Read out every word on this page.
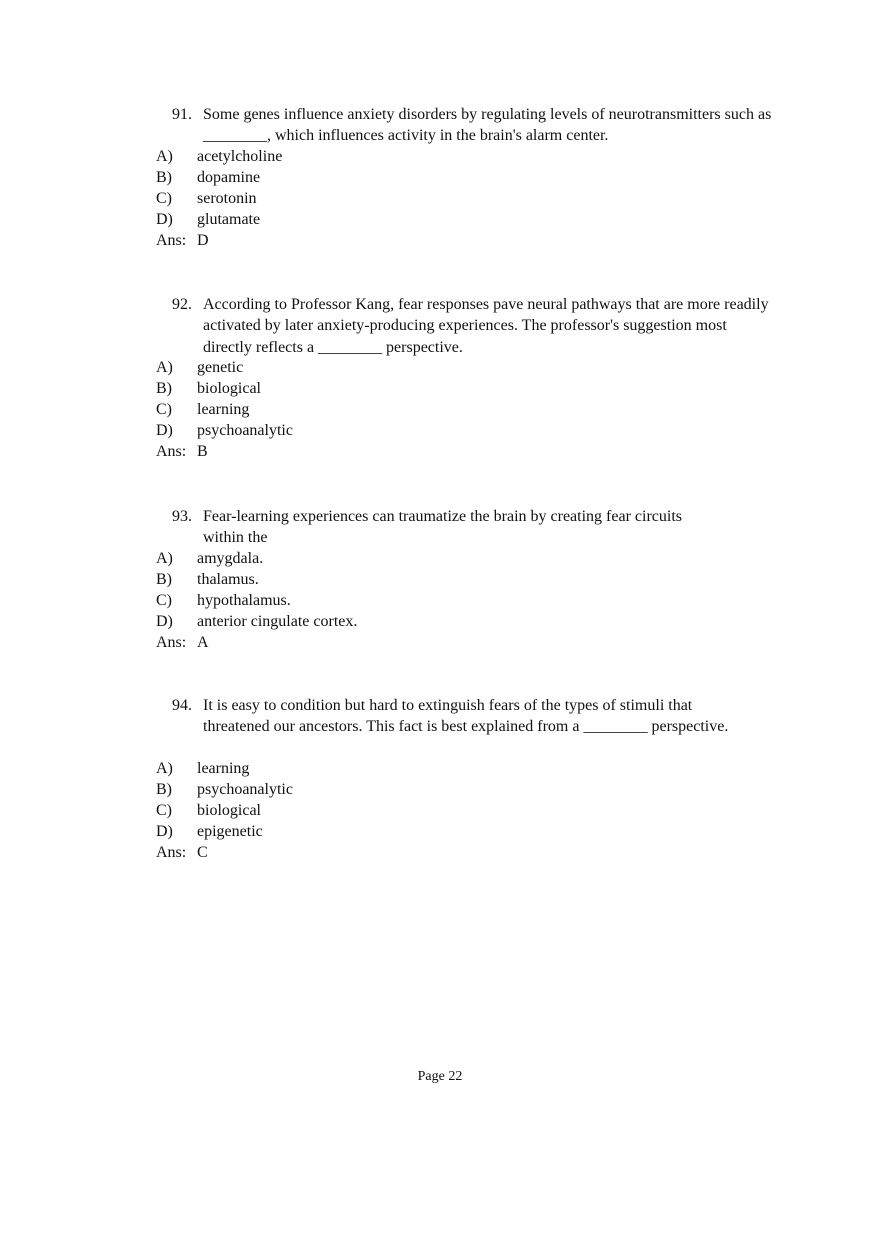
91. Some genes influence anxiety disorders by regulating levels of neurotransmitters such as ________, which influences activity in the brain's alarm center.
A) acetylcholine
B) dopamine
C) serotonin
D) glutamate
Ans: D
92. According to Professor Kang, fear responses pave neural pathways that are more readily activated by later anxiety-producing experiences. The professor's suggestion most directly reflects a ________ perspective.
A) genetic
B) biological
C) learning
D) psychoanalytic
Ans: B
93. Fear-learning experiences can traumatize the brain by creating fear circuits within the
A) amygdala.
B) thalamus.
C) hypothalamus.
D) anterior cingulate cortex.
Ans: A
94. It is easy to condition but hard to extinguish fears of the types of stimuli that threatened our ancestors. This fact is best explained from a ________ perspective.
A) learning
B) psychoanalytic
C) biological
D) epigenetic
Ans: C
Page 22
